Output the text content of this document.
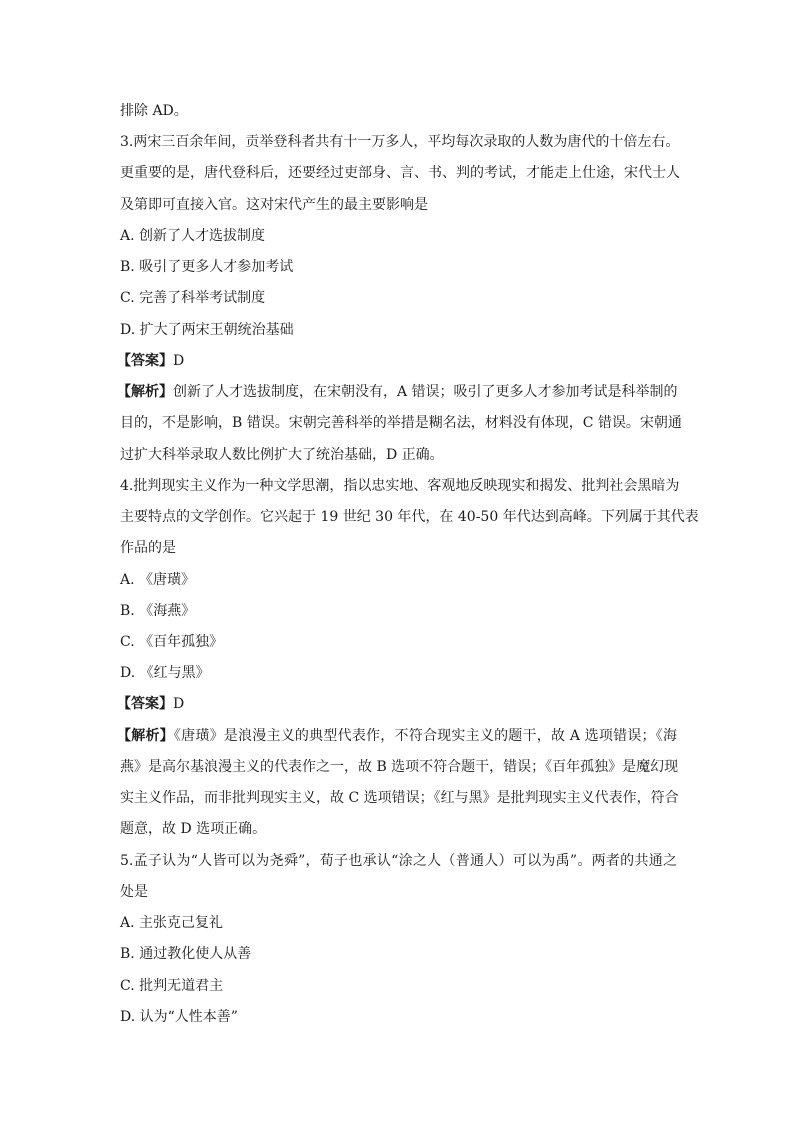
排除 AD。
3.两宋三百余年间，贡举登科者共有十一万多人，平均每次录取的人数为唐代的十倍左右。
更重要的是，唐代登科后，还要经过吏部身、言、书、判的考试，才能走上仕途，宋代士人
及第即可直接入官。这对宋代产生的最主要影响是
A. 创新了人才选拔制度
B. 吸引了更多人才参加考试
C. 完善了科举考试制度
D. 扩大了两宋王朝统治基础
【答案】D
【解析】创新了人才选拔制度，在宋朝没有，A 错误；吸引了更多人才参加考试是科举制的
目的，不是影响，B 错误。宋朝完善科举的举措是糊名法，材料没有体现，C 错误。宋朝通
过扩大科举录取人数比例扩大了统治基础，D 正确。
4.批判现实主义作为一种文学思潮，指以忠实地、客观地反映现实和揭发、批判社会黑暗为
主要特点的文学创作。它兴起于 19 世纪 30 年代，在 40-50 年代达到高峰。下列属于其代表
作品的是
A. 《唐璜》
B. 《海燕》
C. 《百年孤独》
D. 《红与黑》
【答案】D
【解析】《唐璜》是浪漫主义的典型代表作，不符合现实主义的题干，故 A 选项错误；《海
燕》是高尔基浪漫主义的代表作之一，故 B 选项不符合题干，错误；《百年孤独》是魔幻现
实主义作品，而非批判现实主义，故 C 选项错误；《红与黑》是批判现实主义代表作，符合
题意，故 D 选项正确。
5.孟子认为“人皆可以为尧舜”，荀子也承认“涂之人（普通人）可以为禹”。两者的共通之
处是
A. 主张克己复礼
B. 通过教化使人从善
C. 批判无道君主
D. 认为“人性本善”
